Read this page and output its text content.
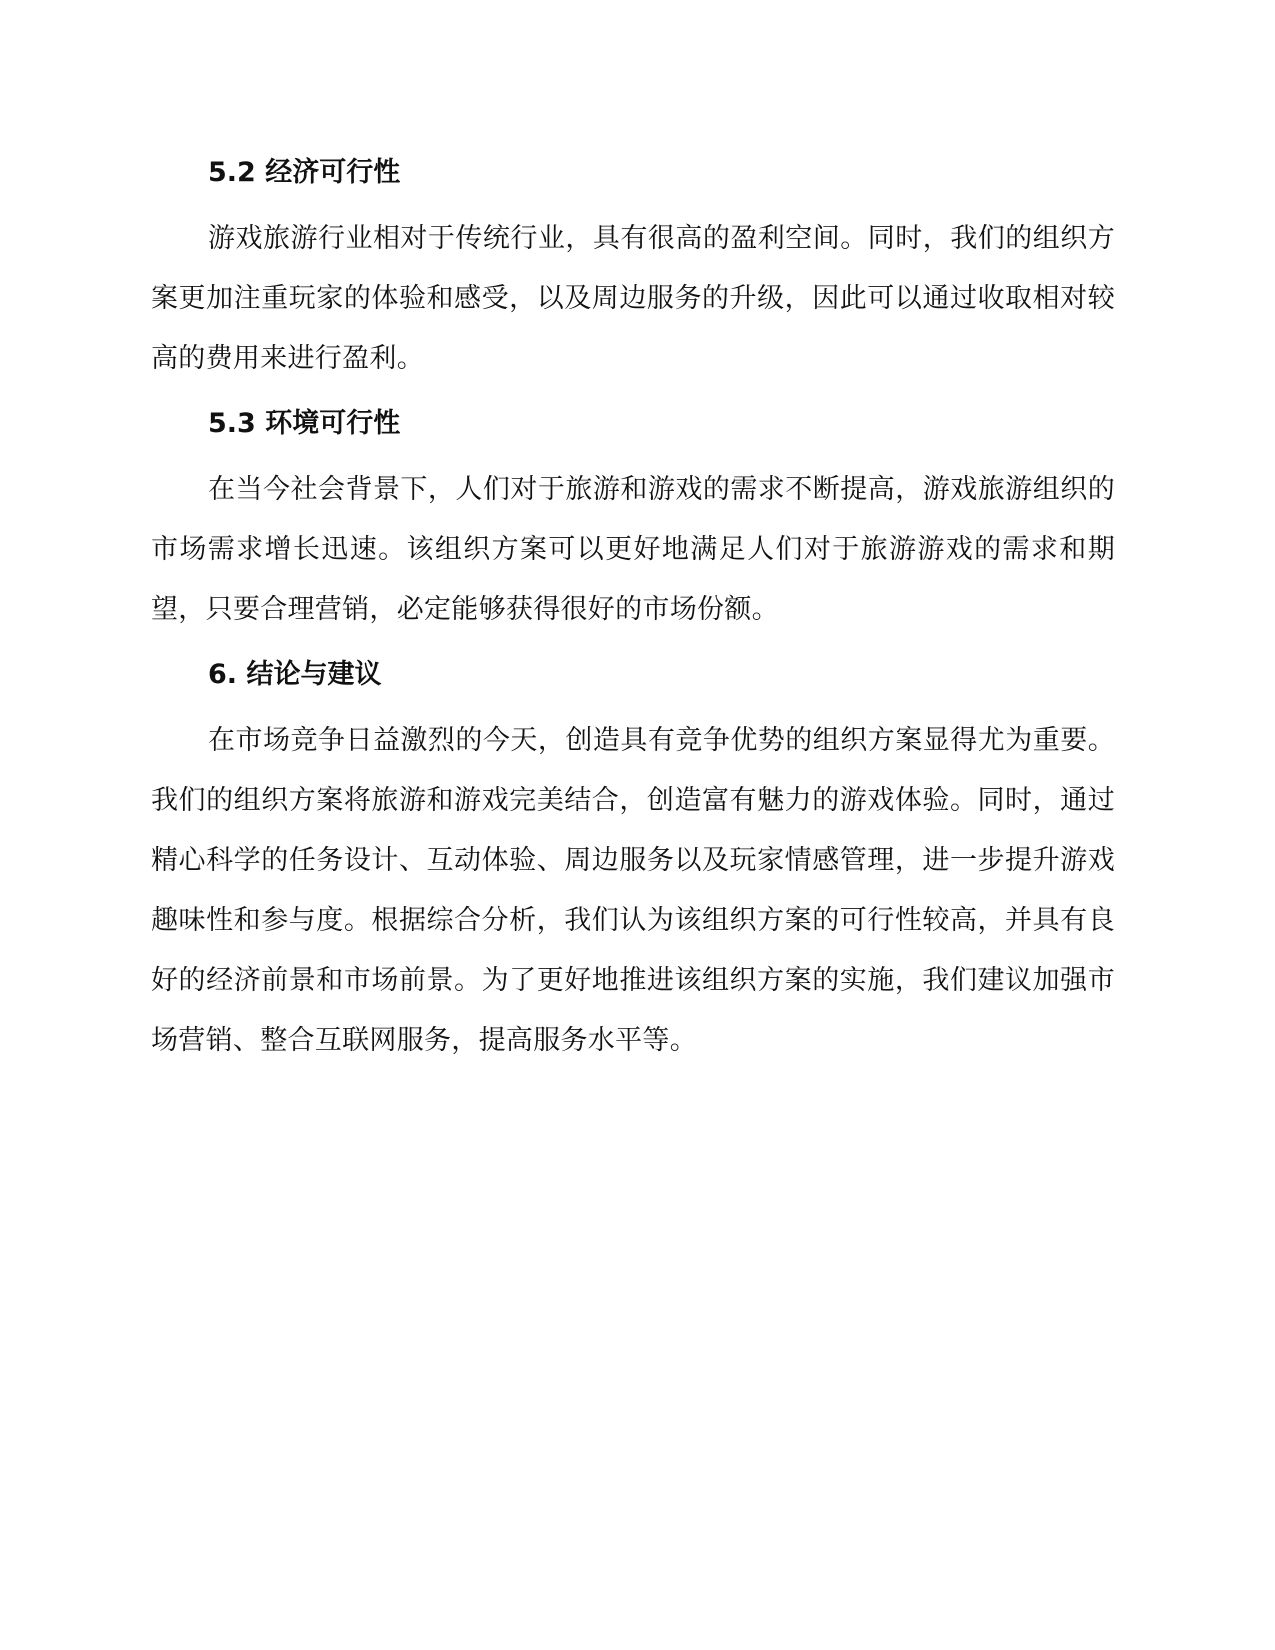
5.2 经济可行性

游戏旅游行业相对于传统行业，具有很高的盈利空间。同时，我们的组织方案更加注重玩家的体验和感受，以及周边服务的升级，因此可以通过收取相对较高的费用来进行盈利。

5.3 环境可行性

在当今社会背景下，人们对于旅游和游戏的需求不断提高，游戏旅游组织的市场需求增长迅速。该组织方案可以更好地满足人们对于旅游游戏的需求和期望，只要合理营销，必定能够获得很好的市场份额。

6. 结论与建议

在市场竞争日益激烈的今天，创造具有竞争优势的组织方案显得尤为重要。我们的组织方案将旅游和游戏完美结合，创造富有魅力的游戏体验。同时，通过精心科学的任务设计、互动体验、周边服务以及玩家情感管理，进一步提升游戏趣味性和参与度。根据综合分析，我们认为该组织方案的可行性较高，并具有良好的经济前景和市场前景。为了更好地推进该组织方案的实施，我们建议加强市场营销、整合互联网服务，提高服务水平等。
